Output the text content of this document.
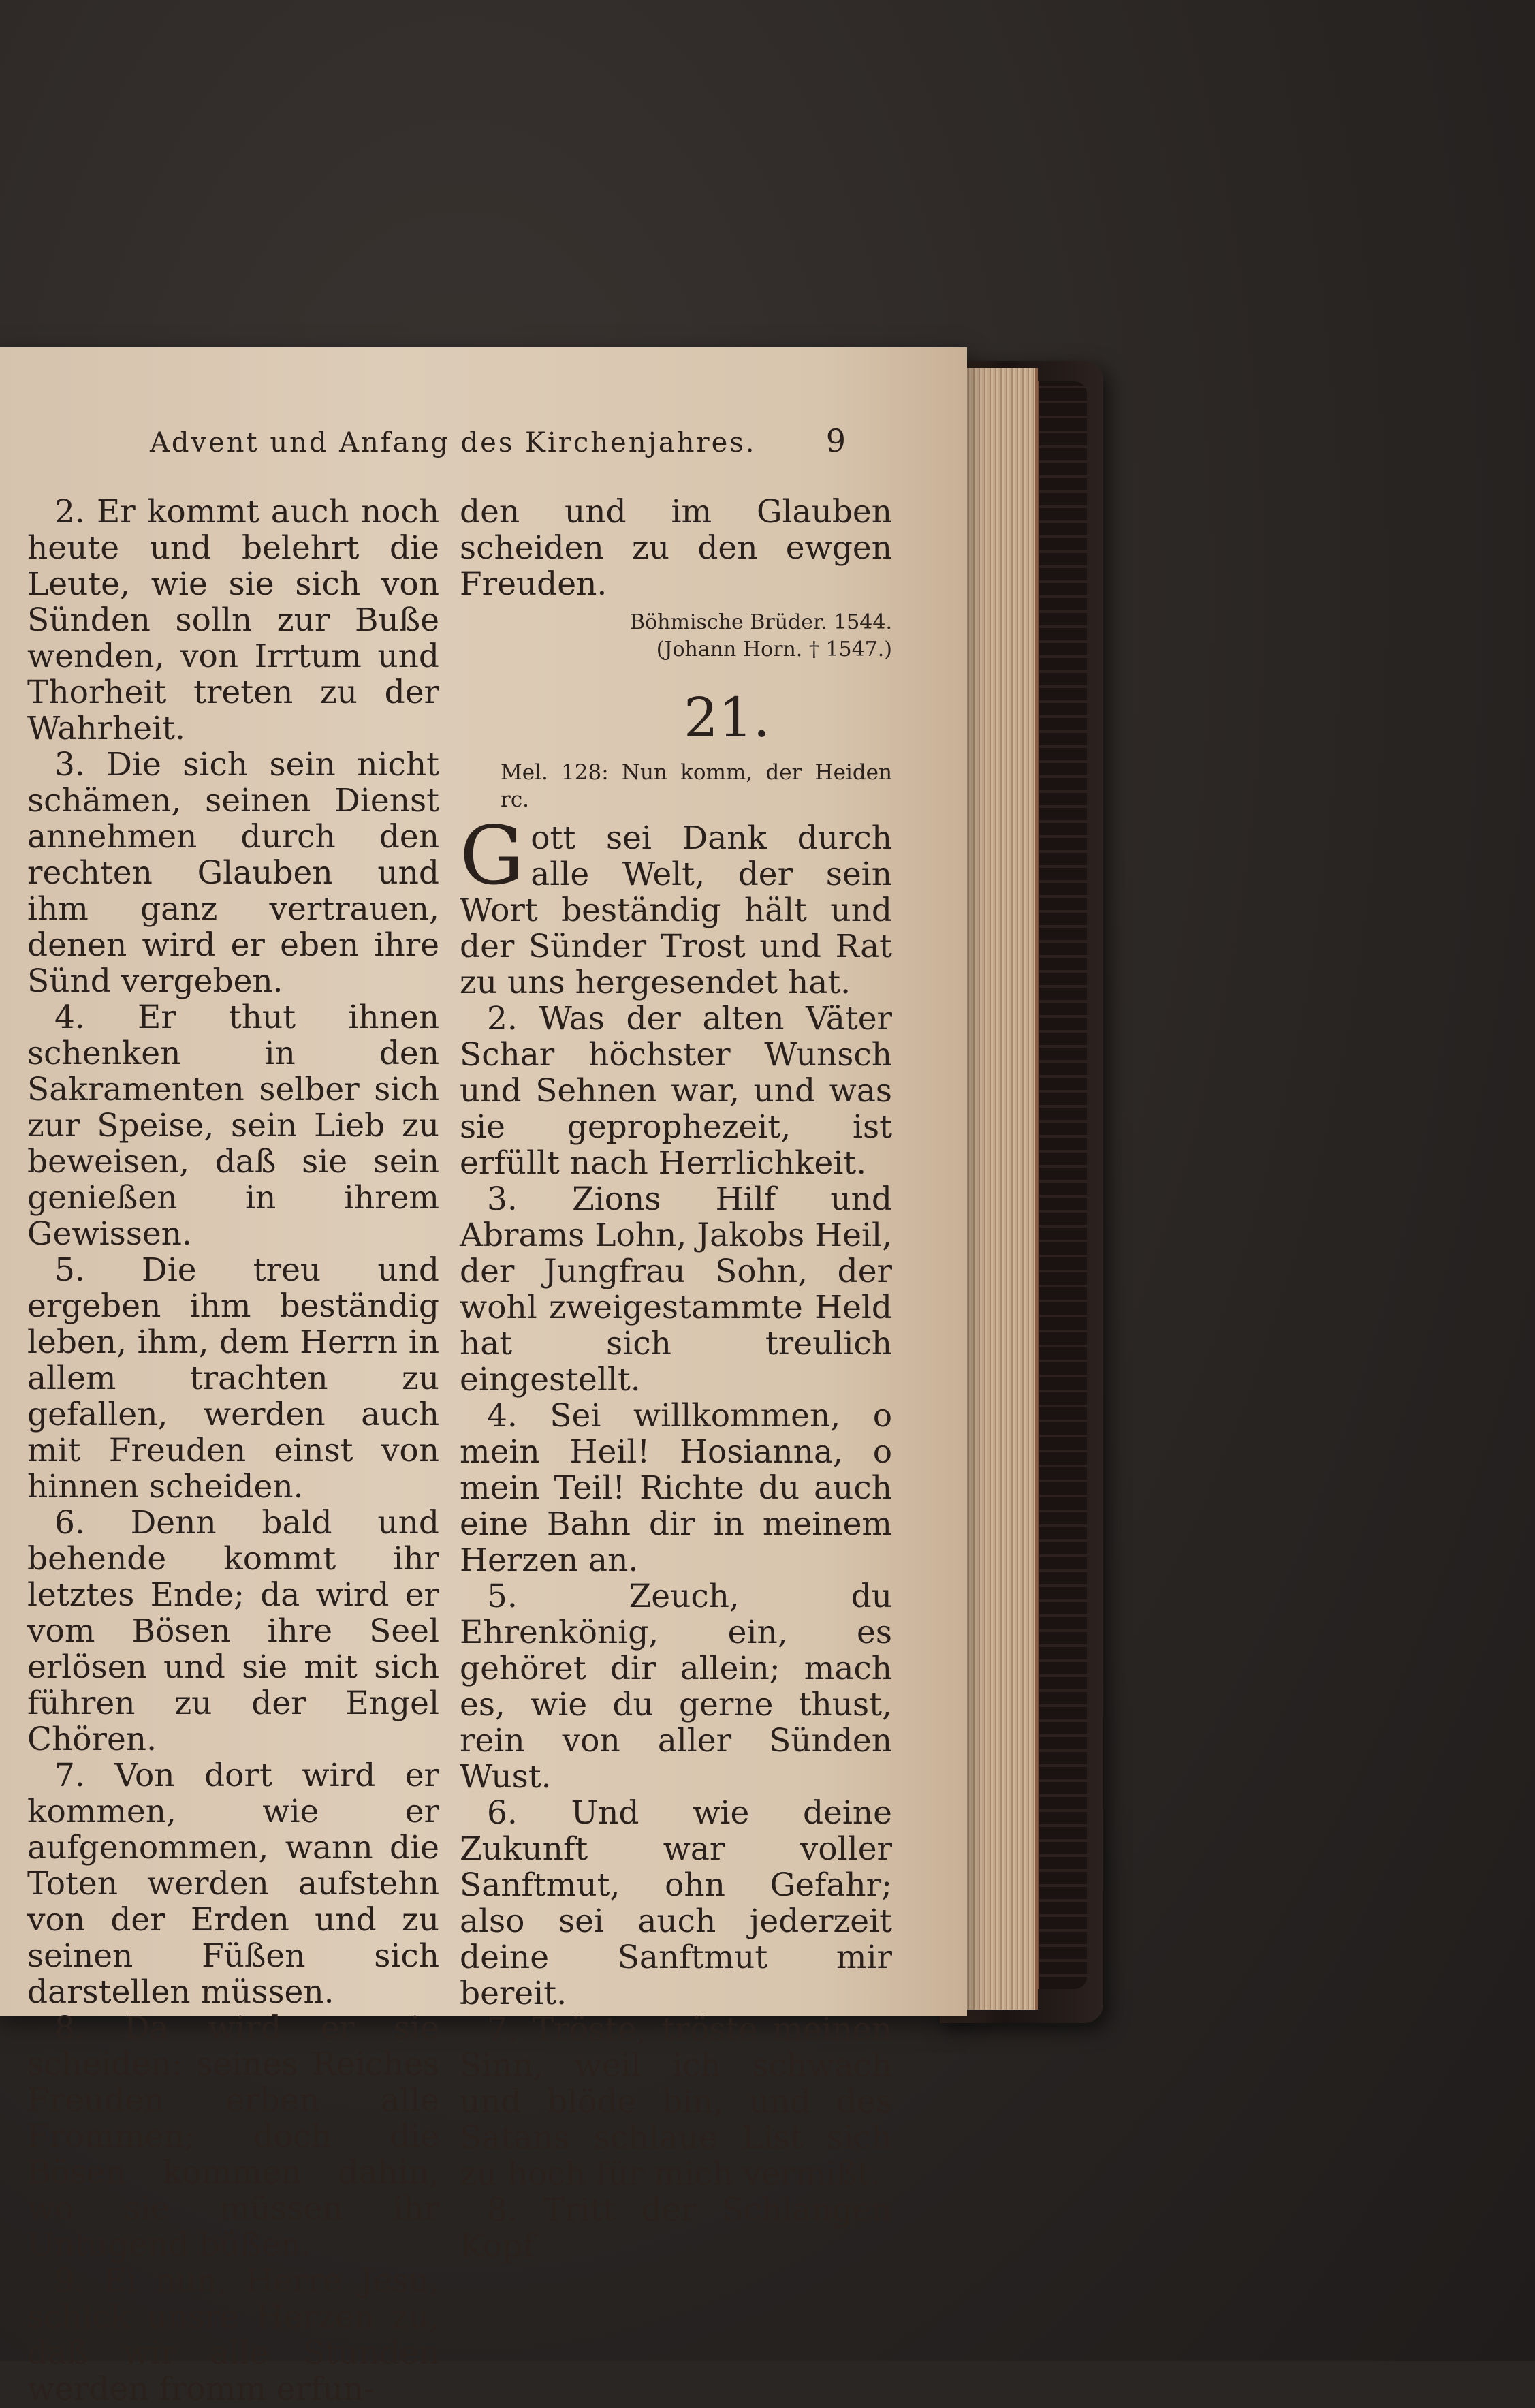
Advent und Anfang des Kirchenjahres. 9

2. Er kommt auch noch heute und belehrt die Leute, wie sie sich von Sünden solln zur Buße wenden, von Irrtum und Thorheit treten zu der Wahrheit.

3. Die sich sein nicht schämen, seinen Dienst annehmen durch den rechten Glauben und ihm ganz vertrauen, denen wird er eben ihre Sünd vergeben.

4. Er thut ihnen schenken in den Sakramenten selber sich zur Speise, sein Lieb zu beweisen, daß sie sein genießen in ihrem Gewissen.

5. Die treu und ergeben ihm beständig leben, ihm, dem Herrn in allem trachten zu gefallen, werden auch mit Freuden einst von hinnen scheiden.

6. Denn bald und behende kommt ihr letztes Ende; da wird er vom Bösen ihre Seel erlösen und sie mit sich führen zu der Engel Chören.

7. Von dort wird er kommen, wie er aufgenommen, wann die Toten werden aufstehn von der Erden und zu seinen Füßen sich darstellen müssen.

8. Da wird er sie scheiden: seines Reiches Freuden erben alle Frommen; doch die Bösen kommen dahin, wo sie müssen ihr Untugend büßen.

9. Ei nun, Herre Jesu, schick unsre Herzen zu, daß wir alle Stunden werden fromm erfun-

den und im Glauben scheiden zu den ewgen Freuden.

Böhmische Brüder. 1544.
(Johann Horn. † 1547.)

21.

Mel. 128: Nun komm, der Heiden rc.

Gott sei Dank durch alle Welt, der sein Wort beständig hält und der Sünder Trost und Rat zu uns hergesendet hat.

2. Was der alten Väter Schar höchster Wunsch und Sehnen war, und was sie geprophezeit, ist erfüllt nach Herrlichkeit.

3. Zions Hilf und Abrams Lohn, Jakobs Heil, der Jungfrau Sohn, der wohl zweigestammte Held hat sich treulich eingestellt.

4. Sei willkommen, o mein Heil! Hosianna, o mein Teil! Richte du auch eine Bahn dir in meinem Herzen an.

5. Zeuch, du Ehrenkönig, ein, es gehöret dir allein; mach es, wie du gerne thust, rein von aller Sünden Wust.

6. Und wie deine Zukunft war voller Sanftmut, ohn Gefahr; also sei auch jederzeit deine Sanftmut mir bereit.

7. Tröste, tröste meinen Sinn, weil ich schwach und blöde bin, und des Satans schlaue List sich zu hoch für mich vermißt.

8. Tritt der Schlangen Kopf
